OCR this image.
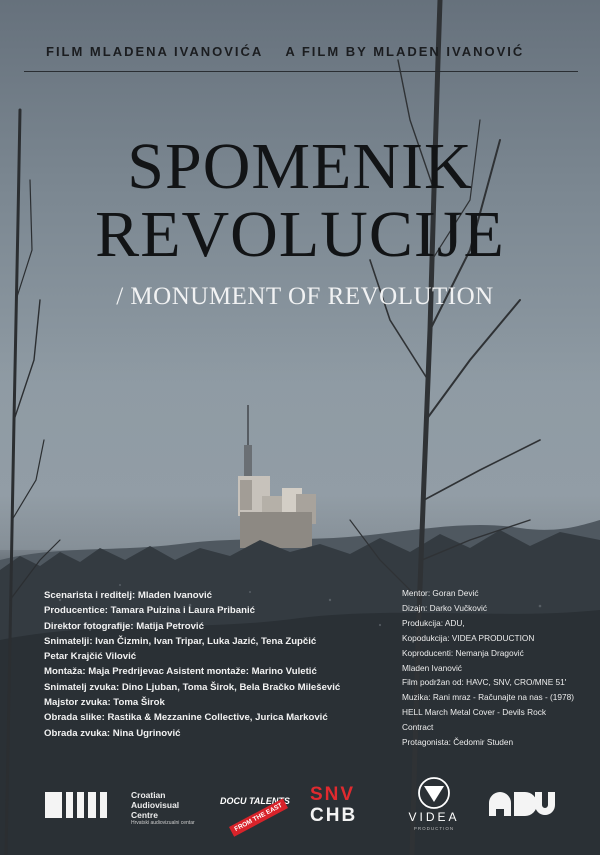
FILM MLADENA IVANOVIĆA A FILM BY MLADEN IVANOVIĆ
SPOMENIK
REVOLUCIJE
/ MONUMENT OF REVOLUTION
Scenarista i reditelj: Mladen Ivanović
Producentice: Tamara Puizina i Laura Pribanić
Direktor fotografije: Matija Petrović
Snimatelji: Ivan Čizmin, Ivan Tripar, Luka Jazić, Tena Zupčić
Petar Krajčić Vilović
Montaža: Maja Predrijevac Asistent montaže: Marino Vuletić
Snimatelj zvuka: Dino Ljuban, Toma Širok, Bela Bračko Milešević
Majstor zvuka: Toma Širok
Obrada slike: Rastika & Mezzanine Collective, Jurica Marković
Obrada zvuka: Nina Ugrinović
Mentor: Goran Dević
Dizajn: Darko Vučković
Produkcija: ADU,
Kopodukcija: VIDEA PRODUCTION
Koproducenti: Nemanja Dragović
Mladen Ivanović
Film podržan od: HAVC, SNV, CRO/MNE 51'
Muzika: Rani mraz - Računajte na nas - (1978)
HELL March Metal Cover - Devils Rock
Contract
Protagonista: Čedomir Studen
Croatian
Audiovisual
Centre
Hrvatski audiovizualni centar
DOCU TALENTS
FROM THE EAST
SNV
CHB	VIDEA
PRODUCTION
